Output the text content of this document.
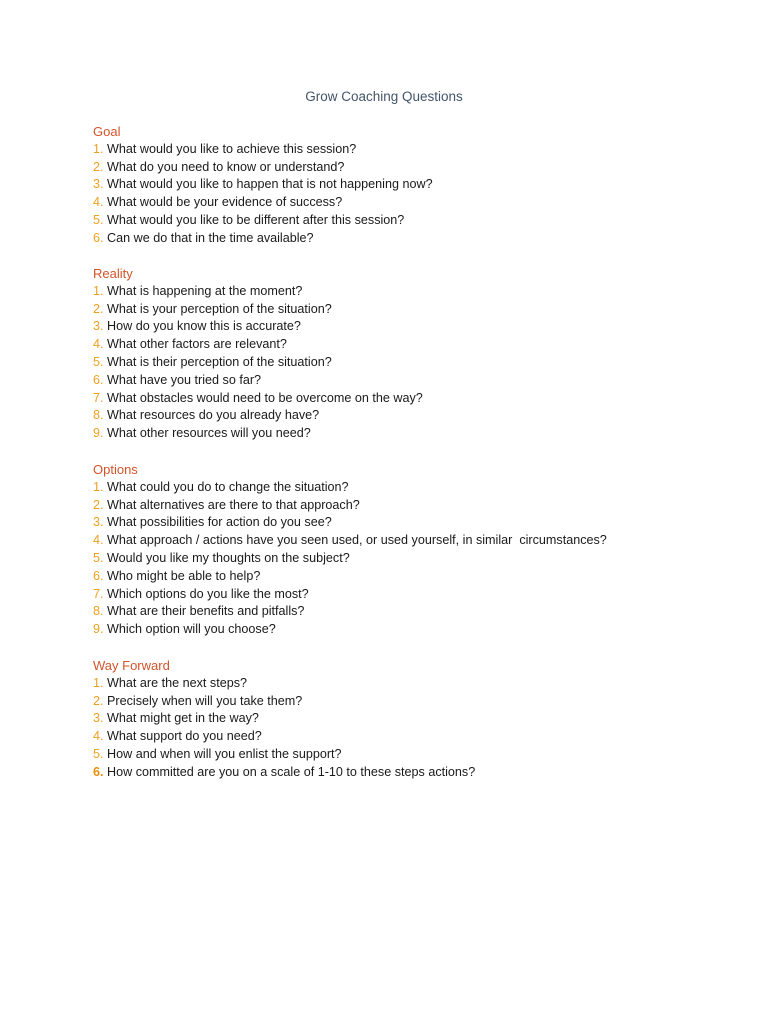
Grow Coaching Questions
Goal
1. What would you like to achieve this session?
2. What do you need to know or understand?
3. What would you like to happen that is not happening now?
4. What would be your evidence of success?
5. What would you like to be different after this session?
6. Can we do that in the time available?
Reality
1. What is happening at the moment?
2. What is your perception of the situation?
3. How do you know this is accurate?
4. What other factors are relevant?
5. What is their perception of the situation?
6. What have you tried so far?
7. What obstacles would need to be overcome on the way?
8. What resources do you already have?
9. What other resources will you need?
Options
1. What could you do to change the situation?
2. What alternatives are there to that approach?
3. What possibilities for action do you see?
4. What approach / actions have you seen used, or used yourself, in similar  circumstances?
5. Would you like my thoughts on the subject?
6. Who might be able to help?
7. Which options do you like the most?
8. What are their benefits and pitfalls?
9. Which option will you choose?
Way Forward
1. What are the next steps?
2. Precisely when will you take them?
3. What might get in the way?
4. What support do you need?
5. How and when will you enlist the support?
6. How committed are you on a scale of 1-10 to these steps actions?
